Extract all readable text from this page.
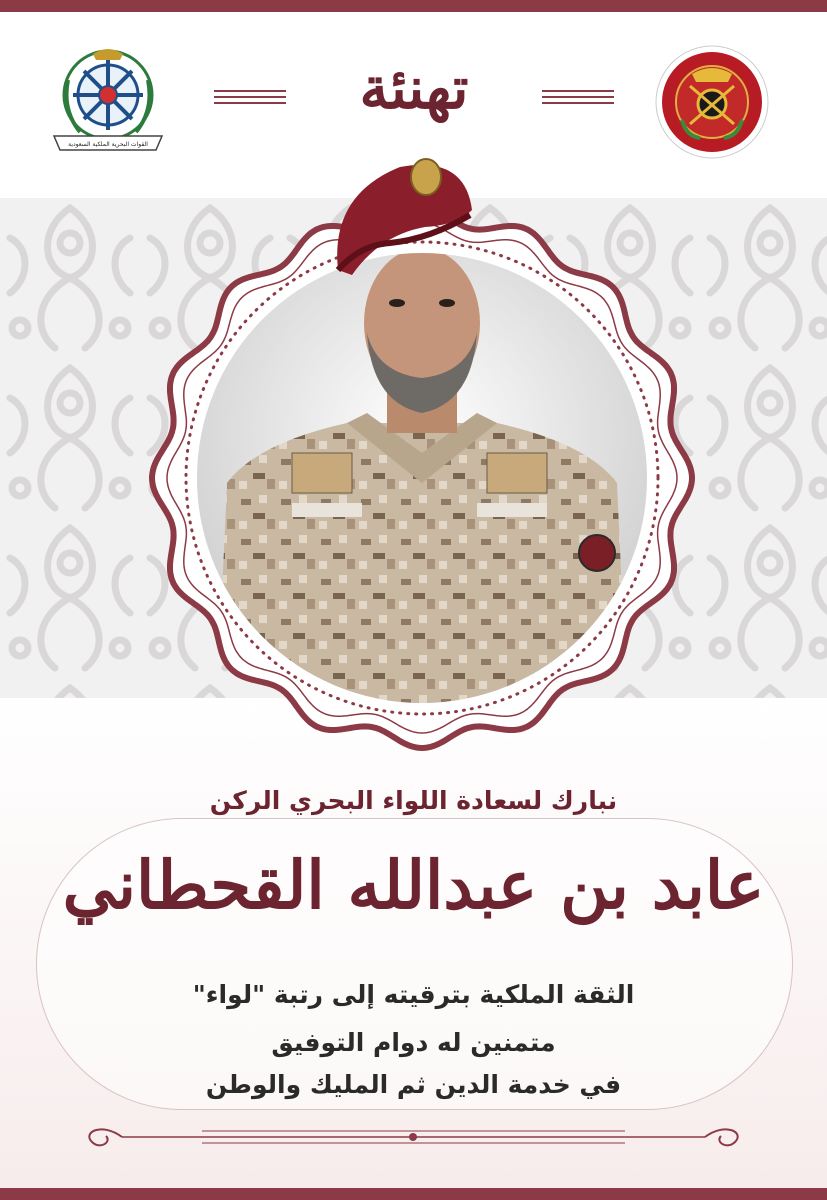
القوات البحرية الملكية السعودية
تهنئة
نبارك لسعادة اللواء البحري الركن
عابد بن عبدالله القحطاني
الثقة الملكية بترقيته إلى رتبة "لواء"
متمنين له دوام التوفيق
في خدمة الدين ثم المليك والوطن
